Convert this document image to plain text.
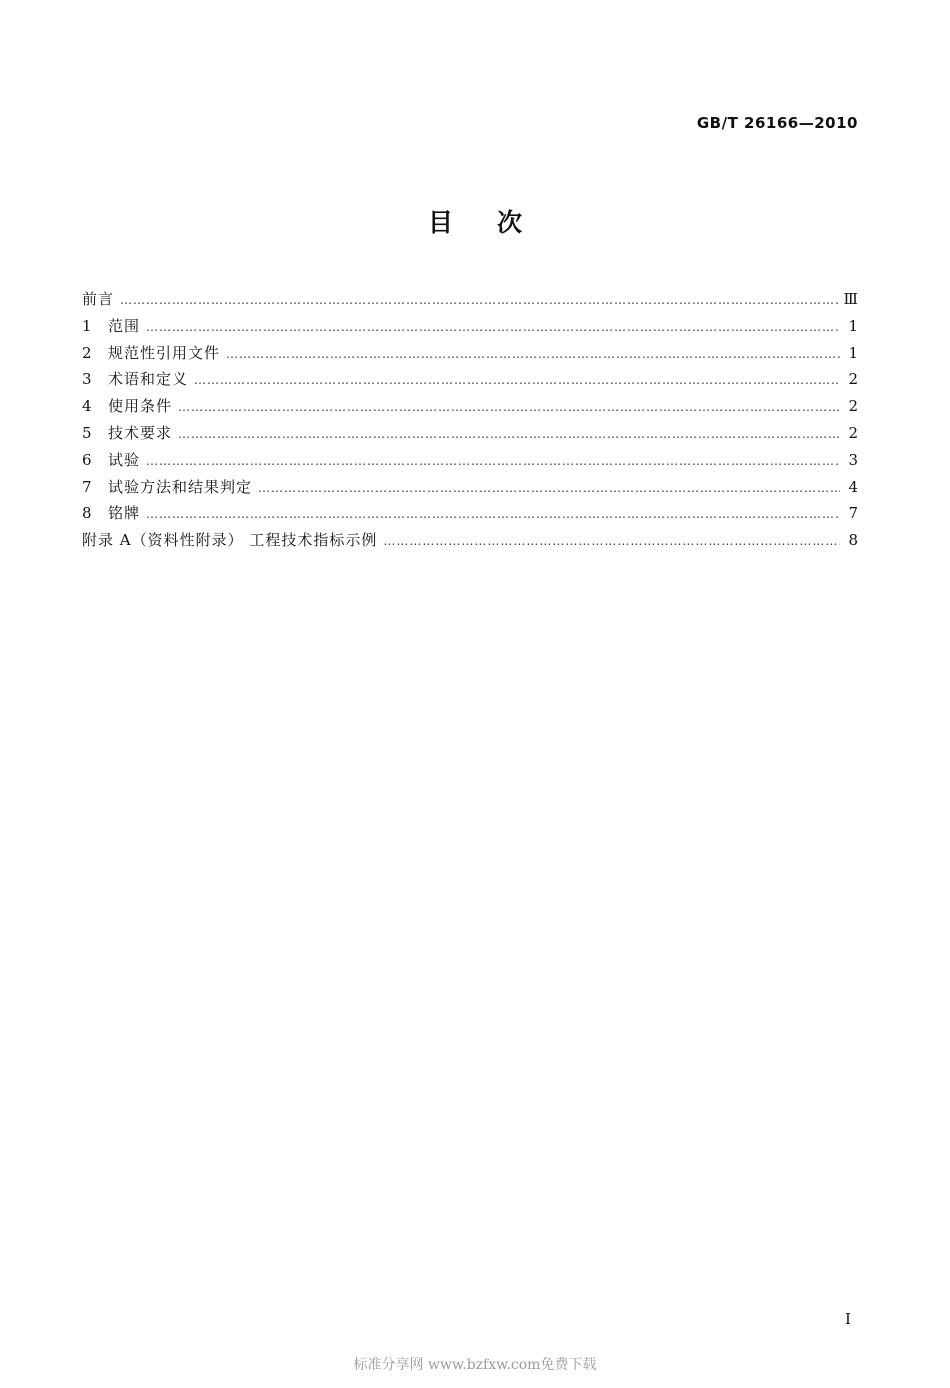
GB/T 26166—2010
目 次
前言 ………………………………………………………………………………………………………………………………………………………………………	Ⅲ
1	范围 ………………………………………………………………………………………………………………………………………………………………………	1
2	规范性引用文件 ………………………………………………………………………………………………………………………………………………………………………	1
3	术语和定义 ………………………………………………………………………………………………………………………………………………………………………	2
4	使用条件 ………………………………………………………………………………………………………………………………………………………………………	2
5	技术要求 ………………………………………………………………………………………………………………………………………………………………………	2
6	试验 ………………………………………………………………………………………………………………………………………………………………………	3
7	试验方法和结果判定 ………………………………………………………………………………………………………………………………………………………………………	4
8	铭牌 ………………………………………………………………………………………………………………………………………………………………………	7
附录 A（资料性附录） 工程技术指标示例 ………………………………………………………………………………………………………………………………………………………………………	8
I
标准分享网 www.bzfxw.com免费下载
